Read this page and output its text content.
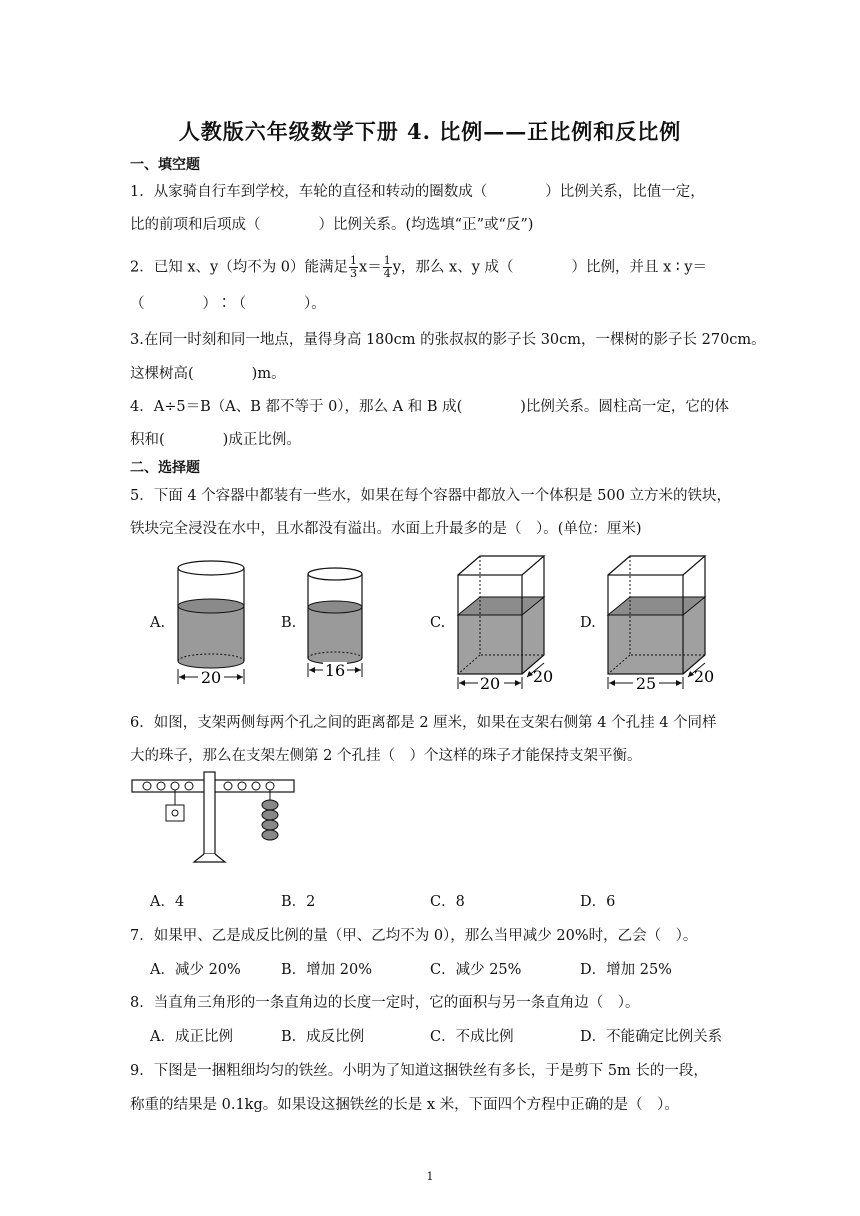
人教版六年级数学下册 4. 比例——正比例和反比例
一、填空题
1．从家骑自行车到学校，车轮的直径和转动的圈数成（　　　　）比例关系，比值一定，
比的前项和后项成（　　　　）比例关系。(均选填“正”或“反”)
2．已知 x、y（均不为 0）能满足 $\frac{1}{3} x= \frac{1}{4}$ y，那么 x、y 成（　　　　）比例，并且 x ∶ y＝
（　　　　）∶（　　　　）。
3.在同一时刻和同一地点，量得身高 180cm 的张叔叔的影子长 30cm，一棵树的影子长 270cm。
这棵树高(　　　　)m。
4．A÷5＝B（A、B 都不等于 0），那么 A 和 B 成(　　　　)比例关系。圆柱高一定，它的体
积和(　　　　)成正比例。
二、选择题
5．下面 4 个容器中都装有一些水，如果在每个容器中都放入一个体积是 500 立方米的铁块，
铁块完全浸没在水中，且水都没有溢出。水面上升最多的是（　）。(单位：厘米)
A.	B.	C.	D.
20	16
20 20	25 20
6．如图，支架两侧每两个孔之间的距离都是 2 厘米，如果在支架右侧第 4 个孔挂 4 个同样
大的珠子，那么在支架左侧第 2 个孔挂（　）个这样的珠子才能保持支架平衡。
A．4	B．2	C．8	D．6
7．如果甲、乙是成反比例的量（甲、乙均不为 0），那么当甲减少 20%时，乙会（　）。
A．减少 20%	B．增加 20%	C．减少 25%	D．增加 25%
8．当直角三角形的一条直角边的长度一定时，它的面积与另一条直角边（　）。
A．成正比例	B．成反比例	C．不成比例	D．不能确定比例关系
9．下图是一捆粗细均匀的铁丝。小明为了知道这捆铁丝有多长，于是剪下 5m 长的一段，
称重的结果是 0.1kg。如果设这捆铁丝的长是 x 米，下面四个方程中正确的是（　）。
1
